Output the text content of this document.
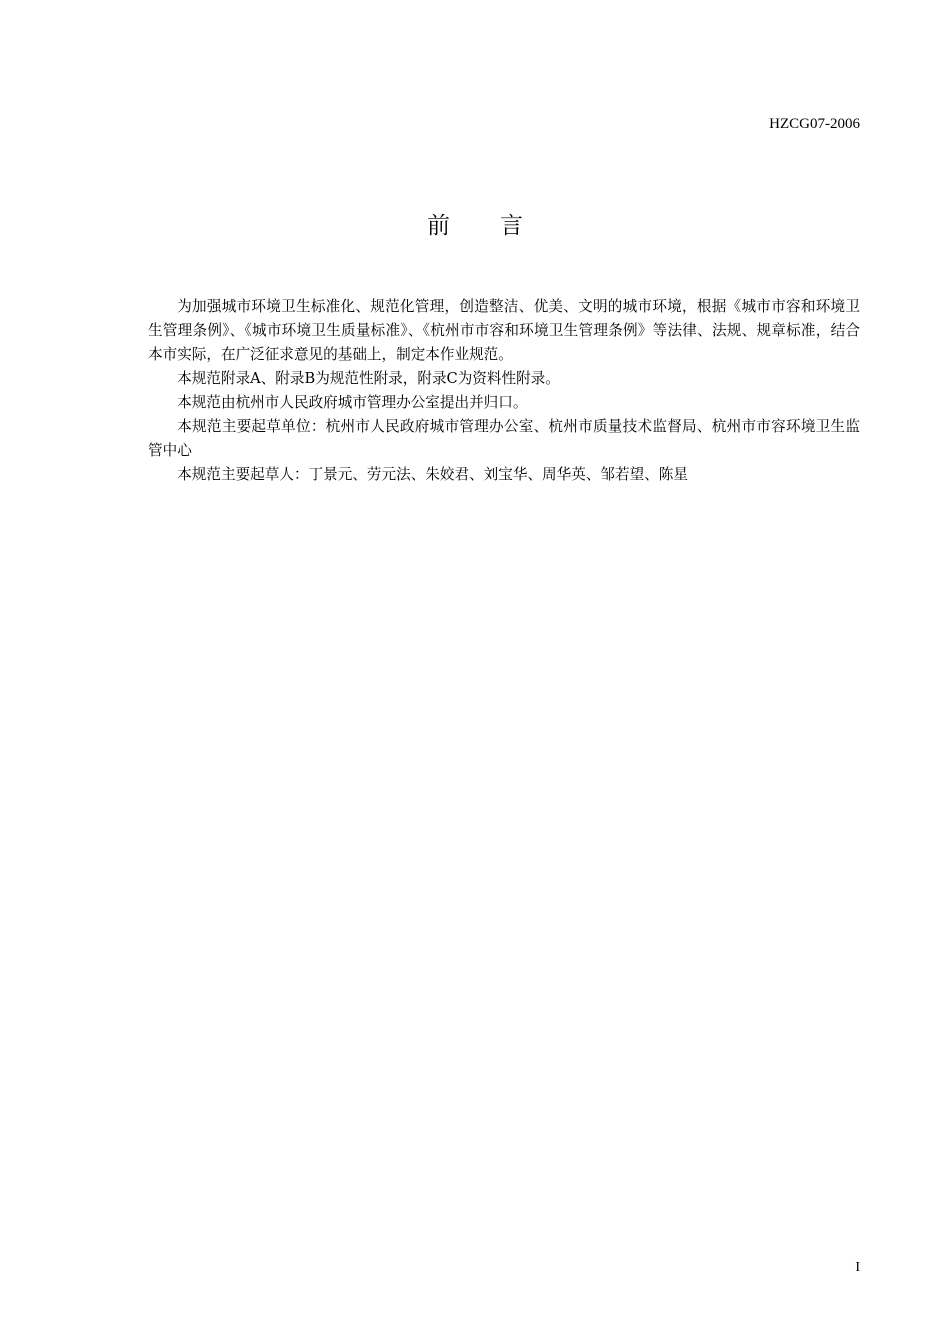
HZCG07-2006
前言

为加强城市环境卫生标准化、规范化管理，创造整洁、优美、文明的城市环境，根据《城市市容和环境卫生管理条例》、《城市环境卫生质量标准》、《杭州市市容和环境卫生管理条例》等法律、法规、规章标准，结合本市实际，在广泛征求意见的基础上，制定本作业规范。

本规范附录A、附录B为规范性附录，附录C为资料性附录。

本规范由杭州市人民政府城市管理办公室提出并归口。

本规范主要起草单位：杭州市人民政府城市管理办公室、杭州市质量技术监督局、杭州市市容环境卫生监管中心

本规范主要起草人：丁景元、劳元法、朱姣君、刘宝华、周华英、邹若望、陈星

I
